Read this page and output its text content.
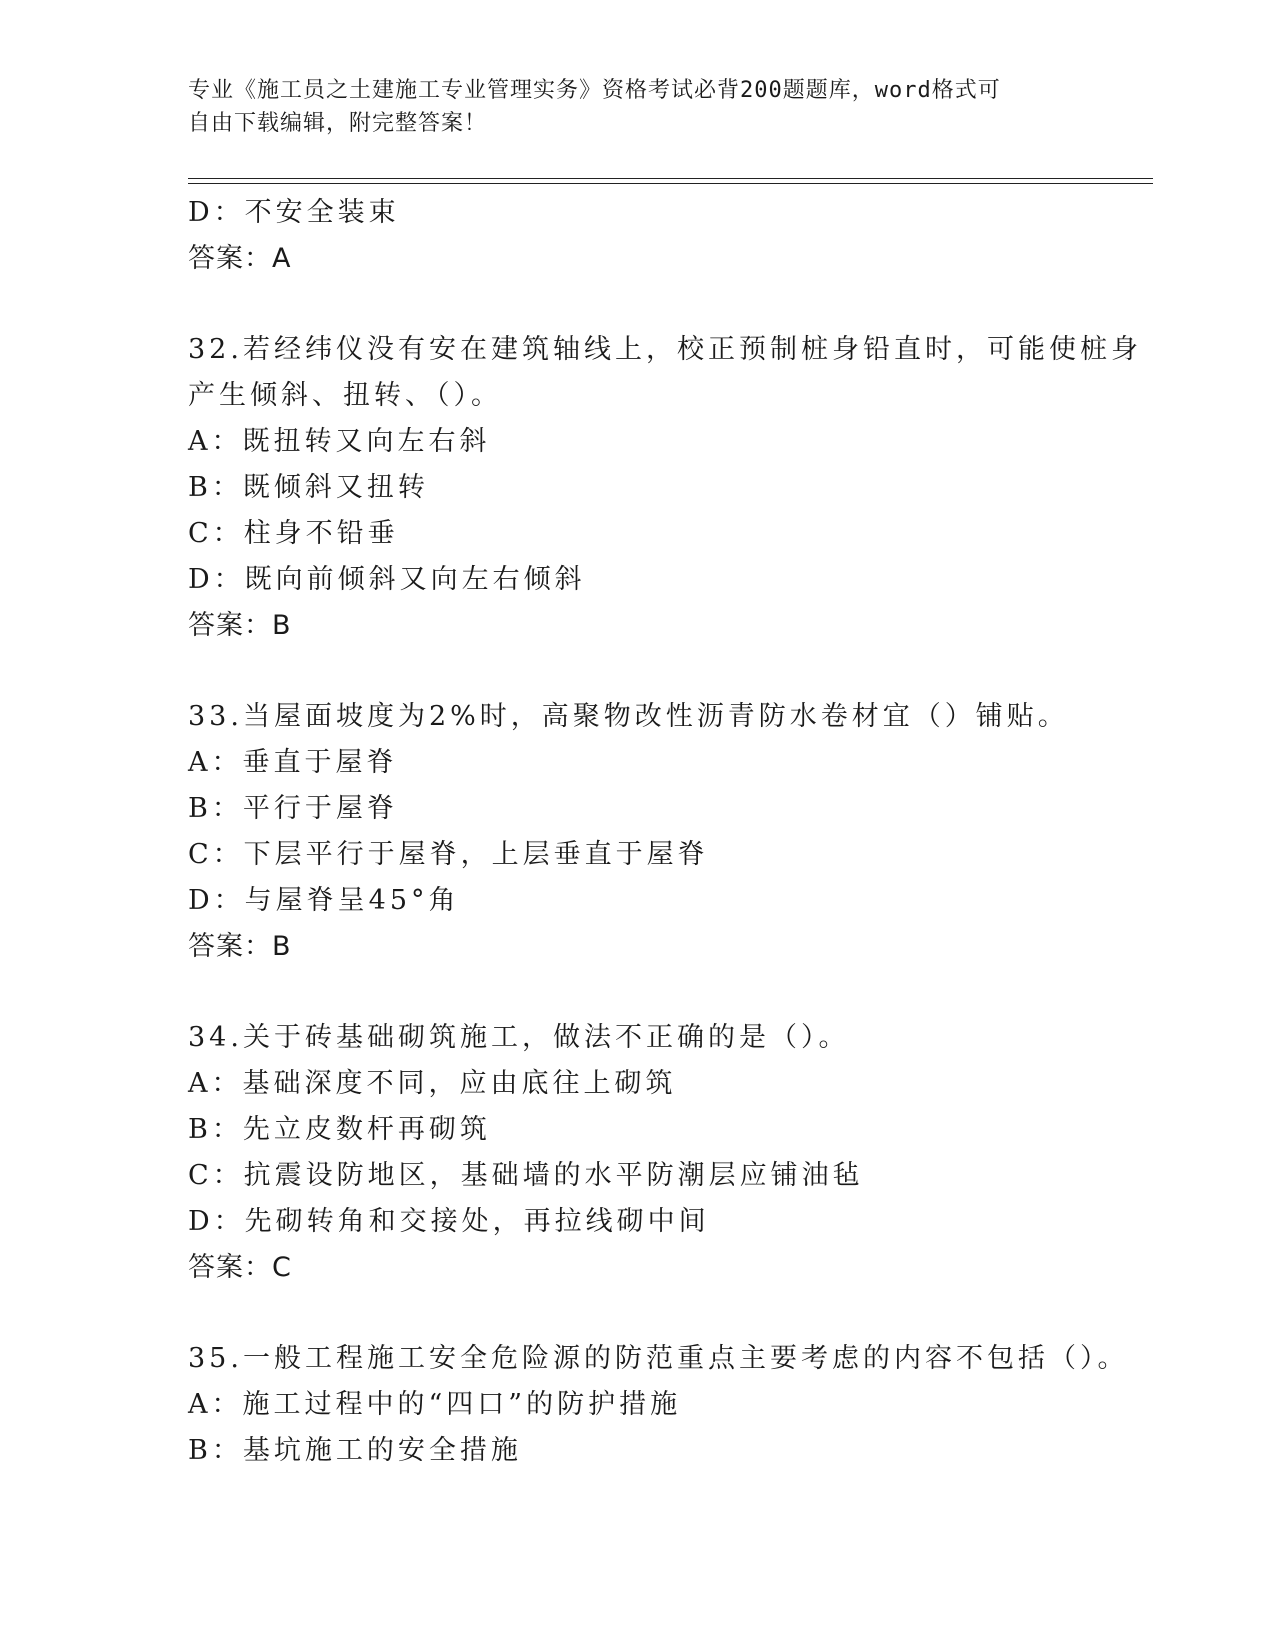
专业《施工员之土建施工专业管理实务》资格考试必背200题题库，word格式可
自由下载编辑，附完整答案！
D：不安全装束
答案：A
32.若经纬仪没有安在建筑轴线上，校正预制桩身铅直时，可能使桩身
产生倾斜、扭转、（）。
A：既扭转又向左右斜
B：既倾斜又扭转
C：柱身不铅垂
D：既向前倾斜又向左右倾斜
答案：B
33.当屋面坡度为2%时，高聚物改性沥青防水卷材宜（）铺贴。
A：垂直于屋脊
B：平行于屋脊
C：下层平行于屋脊，上层垂直于屋脊
D：与屋脊呈45°角
答案：B
34.关于砖基础砌筑施工，做法不正确的是（）。
A：基础深度不同，应由底往上砌筑
B：先立皮数杆再砌筑
C：抗震设防地区，基础墙的水平防潮层应铺油毡
D：先砌转角和交接处，再拉线砌中间
答案：C
35.一般工程施工安全危险源的防范重点主要考虑的内容不包括（）。
A：施工过程中的“四口”的防护措施
B：基坑施工的安全措施
